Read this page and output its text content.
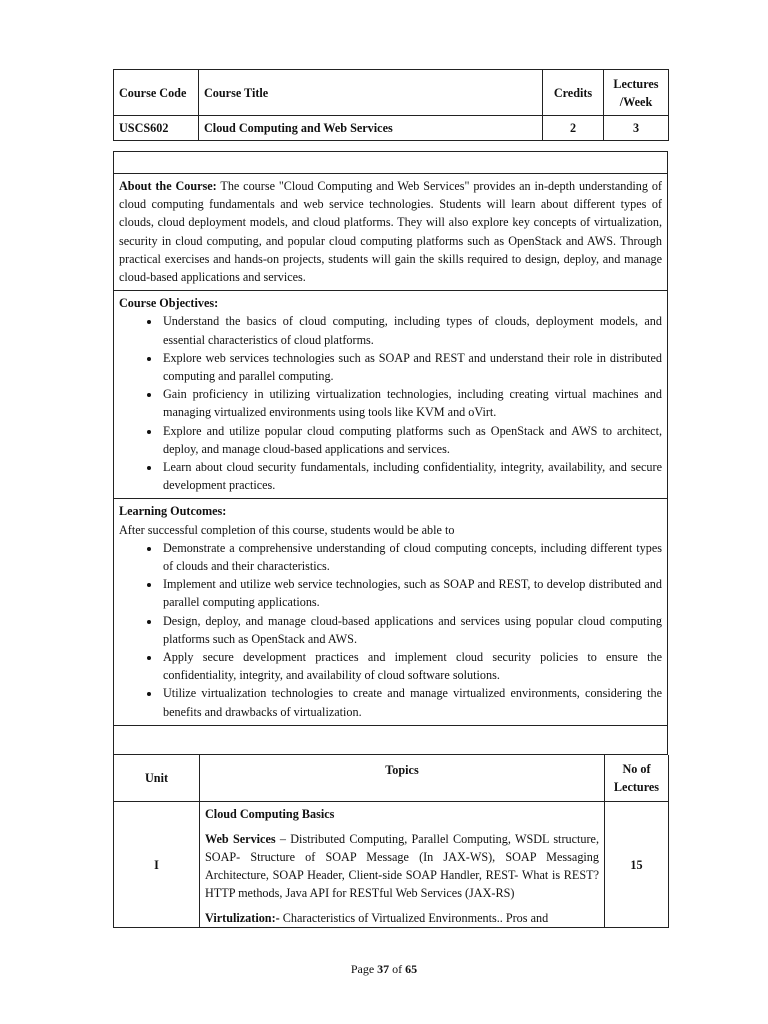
Course Code	Course Title	Credits	Lectures
/Week
USCS602	Cloud Computing and Web Services	2	3
About the Course: The course "Cloud Computing and Web Services" provides an in-depth understanding of cloud computing fundamentals and web service technologies. Students will learn about different types of clouds, cloud deployment models, and cloud platforms. They will also explore key concepts of virtualization, security in cloud computing, and popular cloud computing platforms such as OpenStack and AWS. Through practical exercises and hands-on projects, students will gain the skills required to design, deploy, and manage cloud-based applications and services.
Course Objectives:
• Understand the basics of cloud computing, including types of clouds, deployment models, and essential characteristics of cloud platforms.
• Explore web services technologies such as SOAP and REST and understand their role in distributed computing and parallel computing.
• Gain proficiency in utilizing virtualization technologies, including creating virtual machines and managing virtualized environments using tools like KVM and oVirt.
• Explore and utilize popular cloud computing platforms such as OpenStack and AWS to architect, deploy, and manage cloud-based applications and services.
• Learn about cloud security fundamentals, including confidentiality, integrity, availability, and secure development practices.
Learning Outcomes:
After successful completion of this course, students would be able to
• Demonstrate a comprehensive understanding of cloud computing concepts, including different types of clouds and their characteristics.
• Implement and utilize web service technologies, such as SOAP and REST, to develop distributed and parallel computing applications.
• Design, deploy, and manage cloud-based applications and services using popular cloud computing platforms such as OpenStack and AWS.
• Apply secure development practices and implement cloud security policies to ensure the confidentiality, integrity, and availability of cloud software solutions.
• Utilize virtualization technologies to create and manage virtualized environments, considering the benefits and drawbacks of virtualization.
Unit	Topics	No of
Lectures
I	Cloud Computing Basics

Web Services – Distributed Computing, Parallel Computing, WSDL structure, SOAP- Structure of SOAP Message (In JAX-WS), SOAP Messaging Architecture, SOAP Header, Client-side SOAP Handler, REST- What is REST? HTTP methods, Java API for RESTful Web Services (JAX-RS)

Virtulization:- Characteristics of Virtualized Environments.. Pros and	15
Page 37 of 65
